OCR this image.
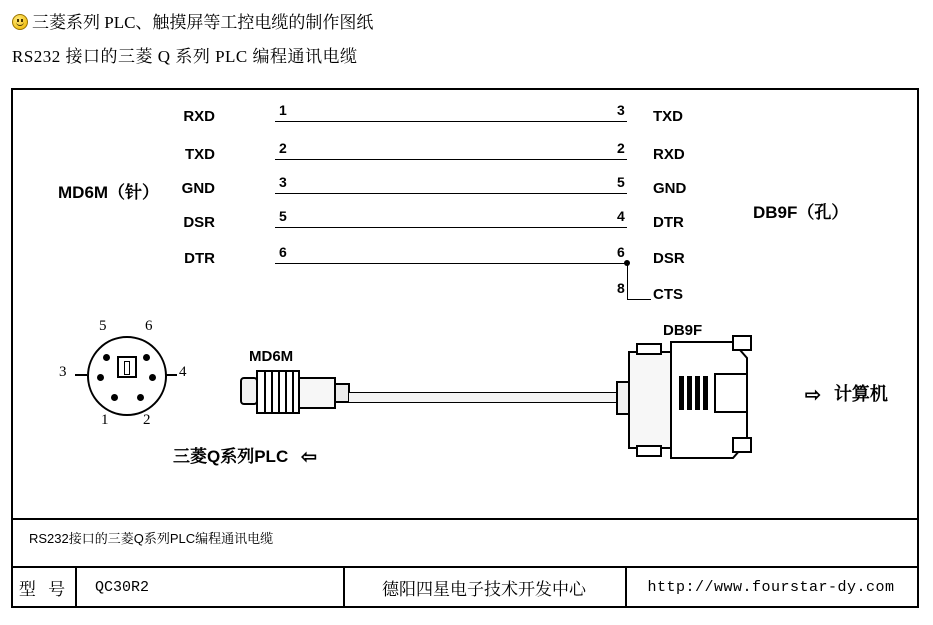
三菱系列 PLC、触摸屏等工控电缆的制作图纸
RS232 接口的三菱 Q 系列 PLC 编程通讯电缆
MD6M（针）
DB9F（孔）
RXD	1	3 TXD
TXD	2	2 RXD
GND	3	5 GND
DSR	5	4 DTR
DTR	6	6 DSR
8 CTS
5	6
3	4
1 2
MD6M
DB9F
⇨ 计算机
三菱Q系列PLC ⇦
RS232接口的三菱Q系列PLC编程通讯电缆
型 号	QC30R2	德阳四星电子技术开发中心	http://www.fourstar-dy.com
